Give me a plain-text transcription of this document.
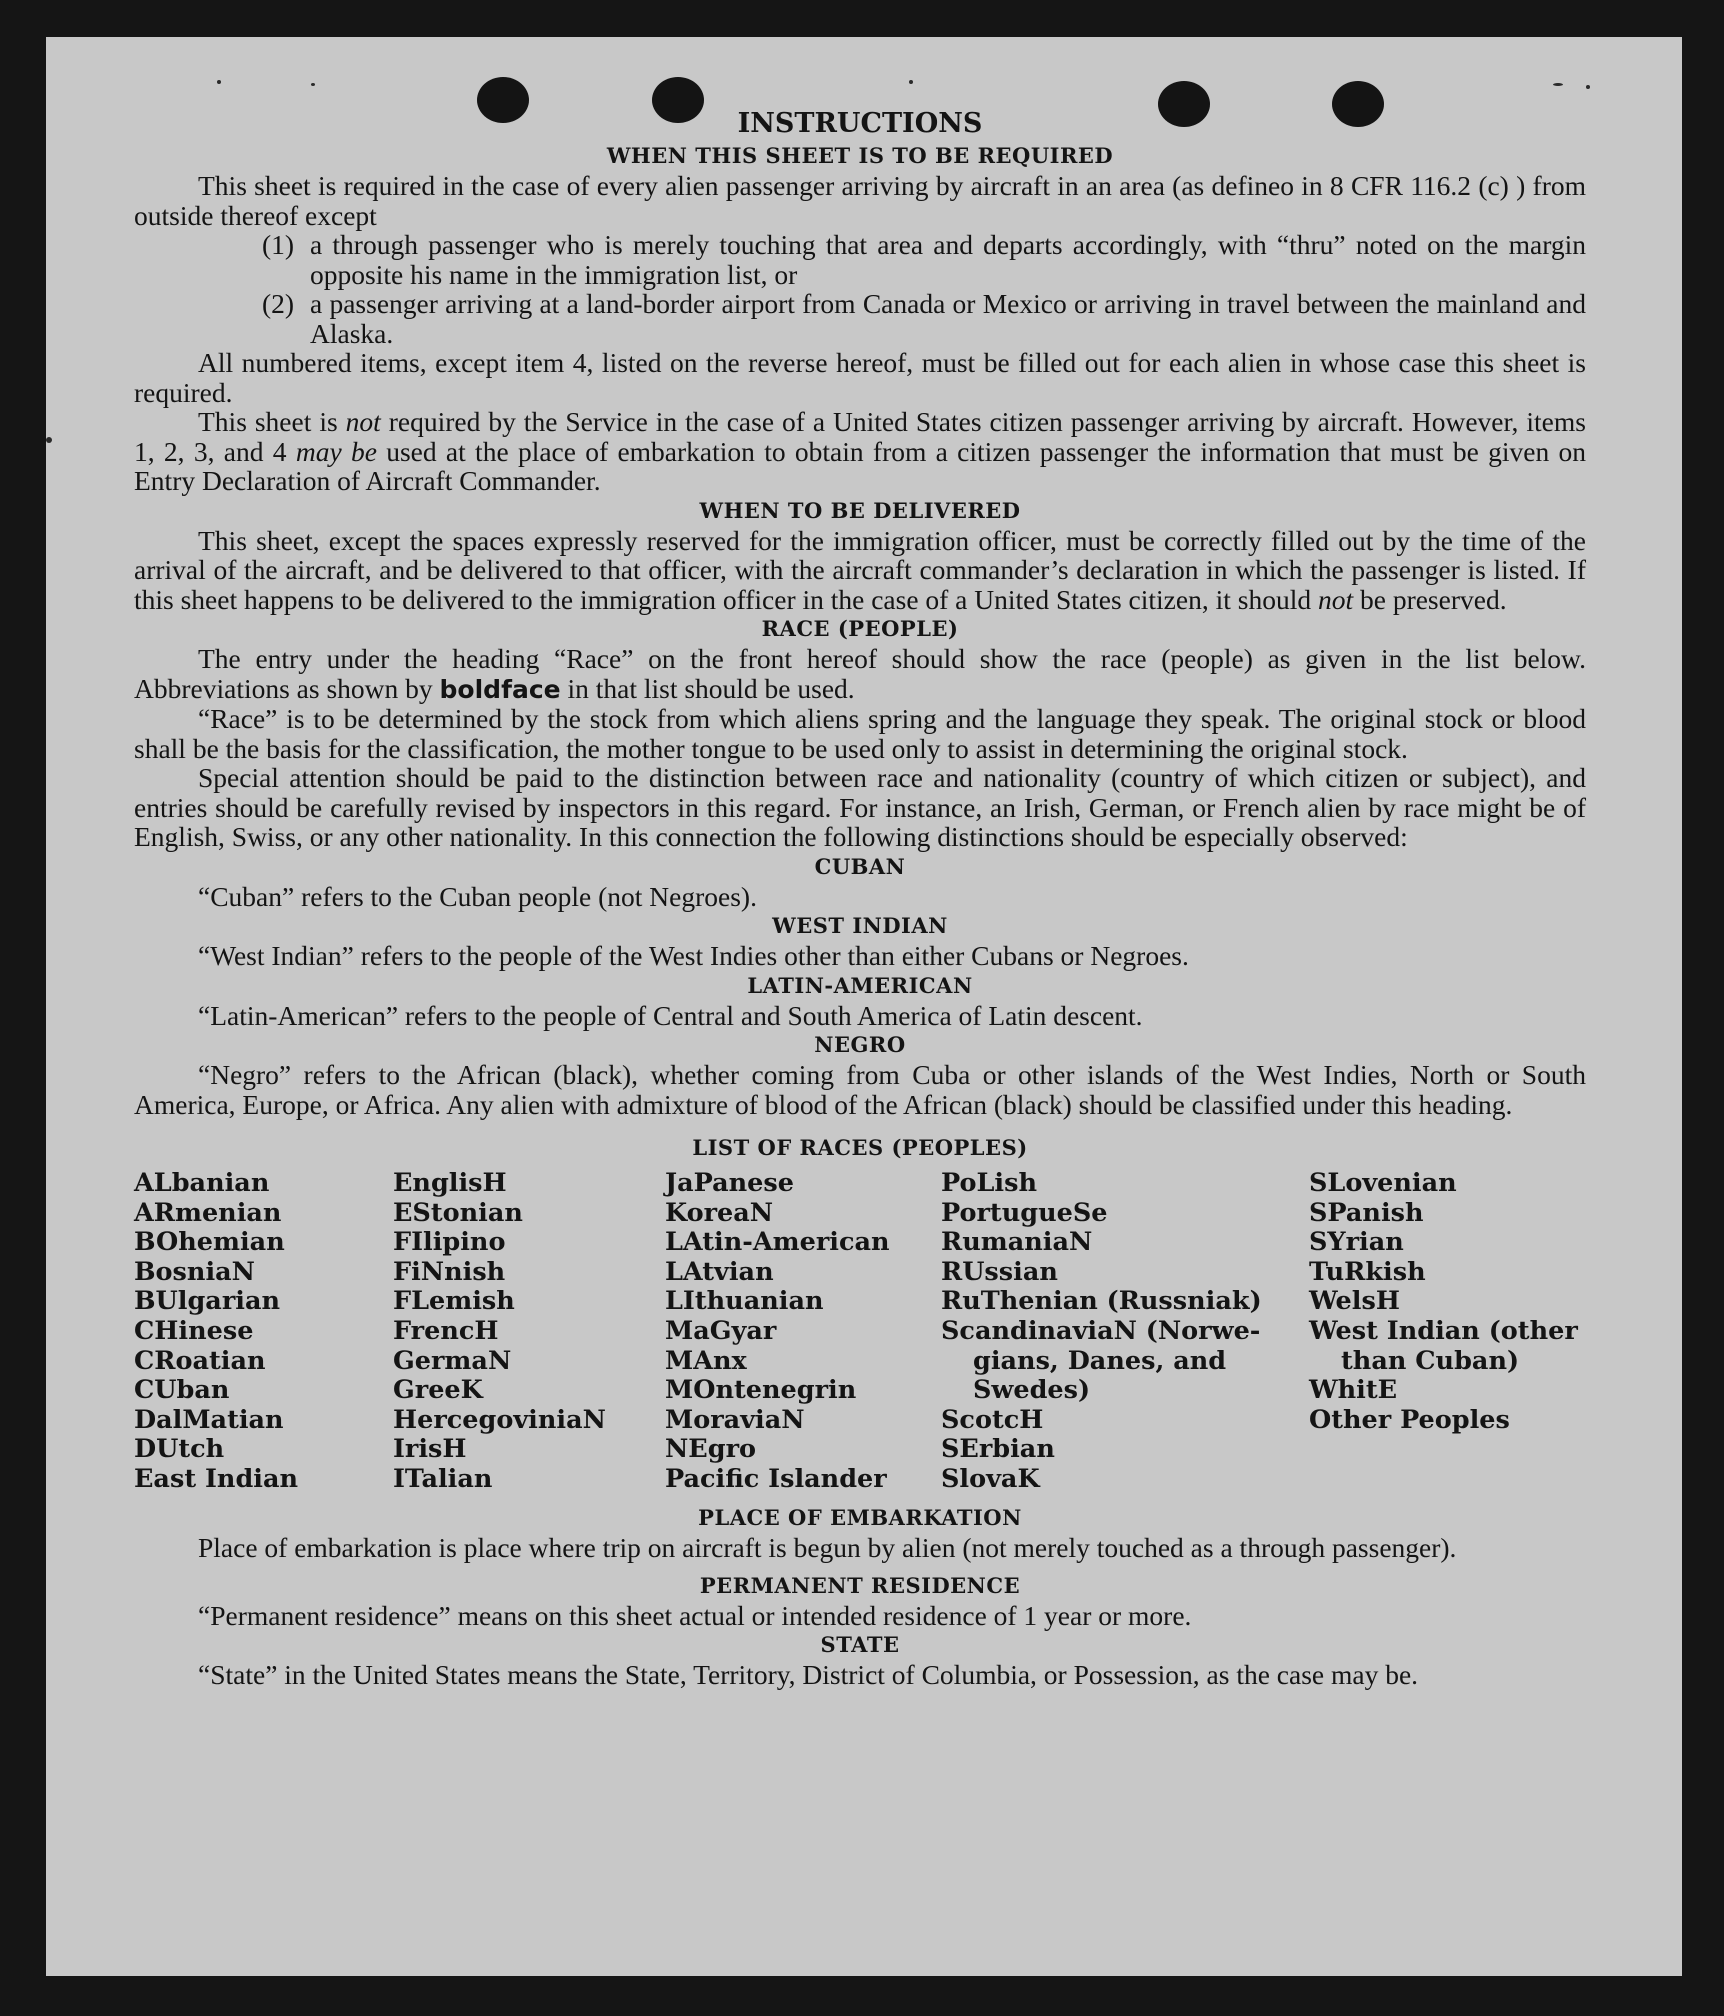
INSTRUCTIONS
WHEN THIS SHEET IS TO BE REQUIRED

This sheet is required in the case of every alien passenger arriving by aircraft in an area (as defineo in 8 CFR 116.2 (c) ) from outside thereof except

(1) a through passenger who is merely touching that area and departs accordingly, with “thru” noted on the margin opposite his name in the immigration list, or

(2) a passenger arriving at a land-border airport from Canada or Mexico or arriving in travel between the mainland and Alaska.

All numbered items, except item 4, listed on the reverse hereof, must be filled out for each alien in whose case this sheet is required.

This sheet is not required by the Service in the case of a United States citizen passenger arriving by aircraft. However, items 1, 2, 3, and 4 may be used at the place of embarkation to obtain from a citizen passenger the information that must be given on Entry Declaration of Aircraft Commander.

WHEN TO BE DELIVERED

This sheet, except the spaces expressly reserved for the immigration officer, must be correctly filled out by the time of the arrival of the aircraft, and be delivered to that officer, with the aircraft commander’s declaration in which the passenger is listed. If this sheet happens to be delivered to the immigration officer in the case of a United States citizen, it should not be preserved.

RACE (PEOPLE)

The entry under the heading “Race” on the front hereof should show the race (people) as given in the list below. Abbreviations as shown by boldface in that list should be used.

“Race” is to be determined by the stock from which aliens spring and the language they speak. The original stock or blood shall be the basis for the classification, the mother tongue to be used only to assist in determining the original stock.

Special attention should be paid to the distinction between race and nationality (country of which citizen or subject), and entries should be carefully revised by inspectors in this regard. For instance, an Irish, German, or French alien by race might be of English, Swiss, or any other nationality. In this connection the following distinctions should be especially observed:

CUBAN

“Cuban” refers to the Cuban people (not Negroes).

WEST INDIAN

“West Indian” refers to the people of the West Indies other than either Cubans or Negroes.

LATIN-AMERICAN

“Latin-American” refers to the people of Central and South America of Latin descent.

NEGRO

“Negro” refers to the African (black), whether coming from Cuba or other islands of the West Indies, North or South America, Europe, or Africa. Any alien with admixture of blood of the African (black) should be classified under this heading.

LIST OF RACES (PEOPLES)
ALbanian
ARmenian
BOhemian
BosniaN
BUlgarian
CHinese
CRoatian
CUban
DalMatian
DUtch
East Indian
EnglisH
EStonian
FIlipino
FiNnish
FLemish
FrencH
GermaN
GreeK
HercegoviniaN
IrisH
ITalian
JaPanese
KoreaN
LAtin-American
LAtvian
LIthuanian
MaGyar
MAnx
MOntenegrin
MoraviaN
NEgro
Pacific Islander
PoLish
PortugueSe
RumaniaN
RUssian
RuThenian (Russniak)
ScandinaviaN (Norwe-
gians, Danes, and
Swedes)
ScotcH
SErbian
SlovaK
SLovenian
SPanish
SYrian
TuRkish
WelsH
West Indian (other
than Cuban)
WhitE
Other Peoples
PLACE OF EMBARKATION

Place of embarkation is place where trip on aircraft is begun by alien (not merely touched as a through passenger).

PERMANENT RESIDENCE

“Permanent residence” means on this sheet actual or intended residence of 1 year or more.

STATE

“State” in the United States means the State, Territory, District of Columbia, or Possession, as the case may be.
